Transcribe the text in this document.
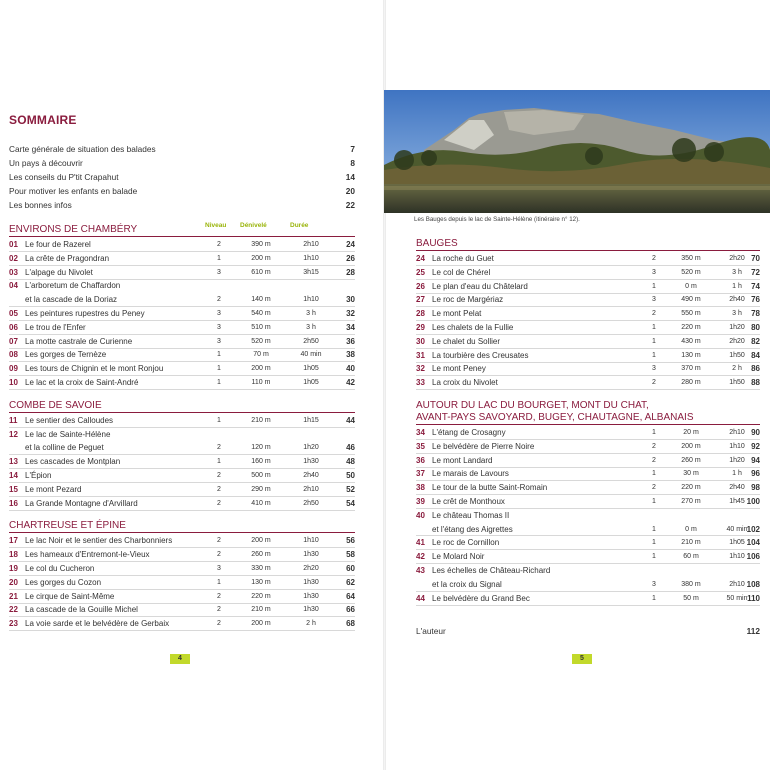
SOMMAIRE
Carte générale de situation des balades	7
Un pays à découvrir	8
Les conseils du P'tit Crapahut	14
Pour motiver les enfants en balade	20
Les bonnes infos	22
Niveau Dénivelé	Durée
ENVIRONS DE CHAMBÉRY
01 Le four de Razerel	2	390 m	2h10	24
02 La crête de Pragondran	1	200 m	1h10	26
03 L'alpage du Nivolet	3	610 m	3h15	28
04 L'arboretum de Chaffardon
et la cascade de la Doriaz	2	140 m	1h10	30
05 Les peintures rupestres du Peney	3	540 m	3 h	32
06 Le trou de l'Enfer	3	510 m	3 h	34
07 La motte castrale de Curienne	3	520 m	2h50	36
08 Les gorges de Ternèze	1	70 m	40 min	38
09 Les tours de Chignin et le mont Ronjou	1	200 m	1h05	40
10 Le lac et la croix de Saint-André	1	110 m	1h05	42
COMBE DE SAVOIE
11 Le sentier des Calloudes	1	210 m	1h15	44
12 Le lac de Sainte-Hélène
et la colline de Peguet	2	120 m	1h20	46
13 Les cascades de Montplan	1	160 m	1h30	48
14 L'Épion	2	500 m	2h40	50
15 Le mont Pezard	2	290 m	2h10	52
16 La Grande Montagne d'Arvillard	2	410 m	2h50	54
CHARTREUSE ET ÉPINE
17 Le lac Noir et le sentier des Charbonniers	2	200 m	1h10	56
18 Les hameaux d'Entremont-le-Vieux	2	260 m	1h30	58
19 Le col du Cucheron	3	330 m	2h20	60
20 Les gorges du Cozon	1	130 m	1h30	62
21 Le cirque de Saint-Même	2	220 m	1h30	64
22 La cascade de la Gouille Michel	2	210 m	1h30	66
23 La voie sarde et le belvédère de Gerbaix	2	200 m	2 h	68
4
Les Bauges depuis le lac de Sainte-Hélène (itinéraire n° 12).
BAUGES
24 La roche du Guet	2	350 m	2h20 70
25 Le col de Chérel	3	520 m	3 h	72
26 Le plan d'eau du Châtelard	1	0 m	1 h	74
27 Le roc de Margériaz	3	490 m	2h40 76
28 Le mont Pelat	2	550 m	3 h	78
29 Les chalets de la Fullie	1	220 m	1h20 80
30 Le chalet du Sollier	1	430 m	2h20 82
31 La tourbière des Creusates	1	130 m	1h50 84
32 Le mont Peney	3	370 m	2 h	86
33 La croix du Nivolet	2	280 m	1h50 88
AUTOUR DU LAC DU BOURGET, MONT DU CHAT,
AVANT-PAYS SAVOYARD, BUGEY, CHAUTAGNE, ALBANAIS
34 L'étang de Crosagny	1	20 m	2h10 90
35 Le belvédère de Pierre Noire	2	200 m	1h10 92
36 Le mont Landard	2	260 m	1h20 94
37 Le marais de Lavours	1	30 m	1 h	96
38 Le tour de la butte Saint-Romain	2	220 m	2h40 98
39 Le crêt de Monthoux	1	270 m	1h45 100
40 Le château Thomas II
et l'étang des Aigrettes	1	0 m	40 min 102
41 Le roc de Cornillon	1	210 m	1h05 104
42 Le Molard Noir	1	60 m	1h10 106
43 Les échelles de Château-Richard
et la croix du Signal	3	380 m	2h10 108
44 Le belvédère du Grand Bec	1	50 m	50 min 110
5
L'auteur	112
